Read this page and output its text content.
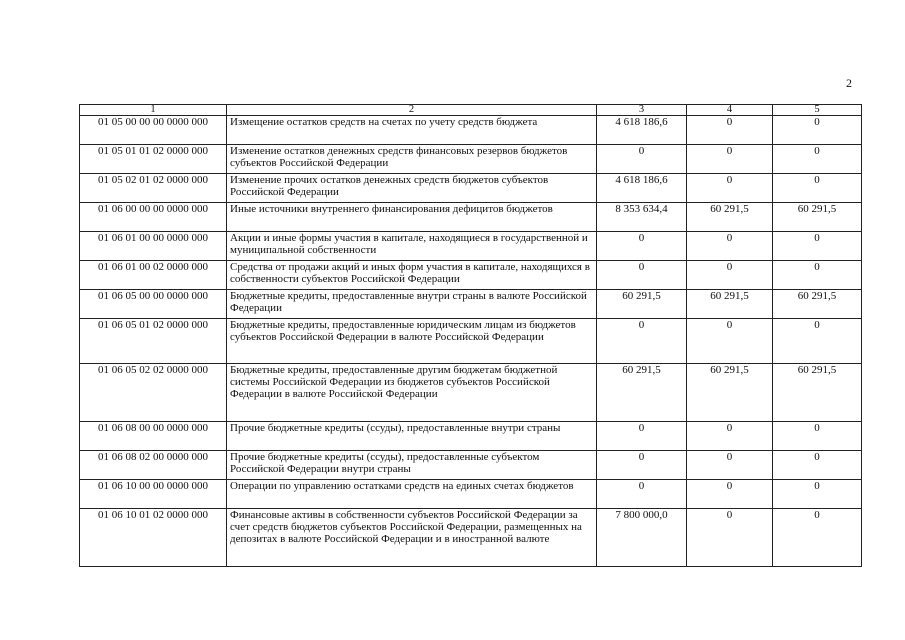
2
1	2	3	4	5
01 05 00 00 00 0000 000	Измещение остатков средств на счетах по учету средств бюджета	4 618 186,6	0	0
01 05 01 01 02 0000 000	Изменение остатков денежных средств финансовых резервов бюджетов субъектов Российской Федерации	0	0	0
01 05 02 01 02 0000 000	Изменение прочих остатков денежных средств бюджетов субъектов Российской Федерации	4 618 186,6	0	0
01 06 00 00 00 0000 000	Иные источники внутреннего финансирования дефицитов бюджетов	8 353 634,4	60 291,5	60 291,5
01 06 01 00 00 0000 000	Акции и иные формы участия в капитале, находящиеся в государственной и муниципальной собственности	0	0	0
01 06 01 00 02 0000 000	Средства от продажи акций и иных форм участия в капитале, находящихся в собственности субъектов Российской Федерации	0	0	0
01 06 05 00 00 0000 000	Бюджетные кредиты, предоставленные внутри страны в валюте Российской Федерации	60 291,5	60 291,5	60 291,5
01 06 05 01 02 0000 000	Бюджетные кредиты, предоставленные юридическим лицам из бюджетов субъектов Российской Федерации в валюте Российской Федерации	0	0	0
01 06 05 02 02 0000 000	Бюджетные кредиты, предоставленные другим бюджетам бюджетной системы Российской Федерации из бюджетов субъектов Российской Федерации в валюте Российской Федерации	60 291,5	60 291,5	60 291,5
01 06 08 00 00 0000 000	Прочие бюджетные кредиты (ссуды), предоставленные внутри страны	0	0	0
01 06 08 02 00 0000 000	Прочие бюджетные кредиты (ссуды), предоставленные субъектом Российской Федерации внутри страны	0	0	0
01 06 10 00 00 0000 000	Операции по управлению остатками средств на единых счетах бюджетов	0	0	0
01 06 10 01 02 0000 000	Финансовые активы в собственности субъектов Российской Федерации за счет средств бюджетов субъектов Российской Федерации, размещенных на депозитах в валюте Российской Федерации и в иностранной валюте	7 800 000,0	0	0
